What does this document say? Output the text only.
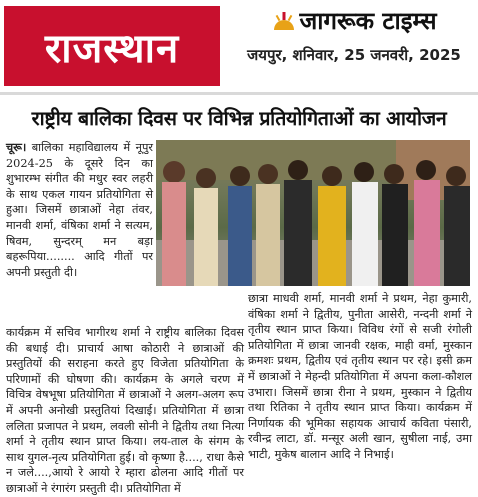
राजस्थान
जागरूक टाइम्स
जयपुर, शनिवार, 25 जनवरी, 2025
राष्ट्रीय बालिका दिवस पर विभिन्न प्रतियोगिताओं का आयोजन
चूरू। बालिका महाविद्यालय में नूपुर 2024-25 के दूसरे दिन का शुभारम्भ संगीत की मधुर स्वर लहरी के साथ एकल गायन प्रतियोगिता से हुआ। जिसमें छात्राओं नेहा तंवर, मानवी शर्मा, वंषिका शर्मा ने सत्यम, षिवम, सुन्दरम् मन बड़ा बहरूपिया........ आदि गीतों पर अपनी प्रस्तुती दी।
कार्यक्रम में सचिव भागीरथ शर्मा ने राष्ट्रीय बालिका दिवस की बधाई दी। प्राचार्य आषा कोठारी ने छात्राओं की प्रस्तुतियों की सराहना करते हुए विजेता प्रतियोगिता के परिणामों की घोषणा की। कार्यक्रम के अगले चरण में विचित्र वेषभूषा प्रतियोगिता में छात्राओं ने अलग-अलग रूप में अपनी अनोखी प्रस्तुतियां दिखाई। प्रतियोगिता में छात्रा ललिता प्रजापत ने प्रथम, लवली सोनी ने द्वितीय तथा नित्या शर्मा ने तृतीय स्थान प्राप्त किया। लय-ताल के संगम के साथ युगल-नृत्य प्रतियोगिता हुई। वो कृष्णा है...., राधा कैसे न जले....,आयो रे आयो रे म्हारा ढोलना आदि गीतों पर छात्राओं ने रंगारंग प्रस्तुती दी। प्रतियोगिता में
छात्रा माधवी शर्मा, मानवी शर्मा ने प्रथम, नेहा कुमारी, वंषिका शर्मा ने द्वितीय, पुनीता आसेरी, नन्दनी शर्मा ने तृतीय स्थान प्राप्त किया। विविध रंगों से सजी रंगोली प्रतियोगिता में छात्रा जानवी रक्षक, माही वर्मा, मुस्कान क्रमशः प्रथम, द्वितीय एवं तृतीय स्थान पर रहे। इसी क्रम में छात्राओं ने मेहन्दी प्रतियोगिता में अपना कला-कौशल उभारा। जिसमें छात्रा रीना ने प्रथम, मुस्कान ने द्वितीय तथा रितिका ने तृतीय स्थान प्राप्त किया। कार्यक्रम में निर्णायक की भूमिका सहायक आचार्य कविता पंसारी, रवीन्द्र लाटा, डॉ. मन्सूर अली खान, सुषीला नाई, उमा भाटी, मुकेष बालान आदि ने निभाई।
